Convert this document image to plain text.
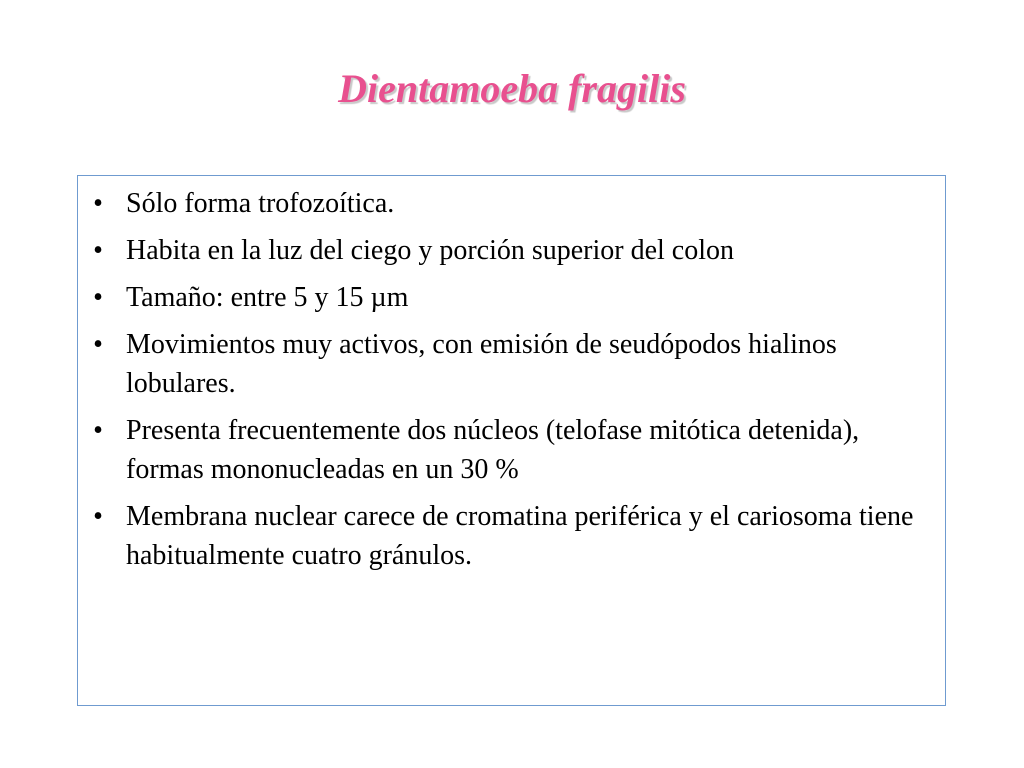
Dientamoeba fragilis
• Sólo forma trofozoítica.
• Habita en la luz del ciego y porción superior del colon
• Tamaño: entre 5 y 15 µm
• Movimientos muy activos, con emisión de seudópodos hialinos lobulares.
• Presenta frecuentemente dos núcleos (telofase mitótica detenida), formas mononucleadas en un 30 %
• Membrana nuclear carece de cromatina periférica y el cariosoma tiene habitualmente cuatro gránulos.
